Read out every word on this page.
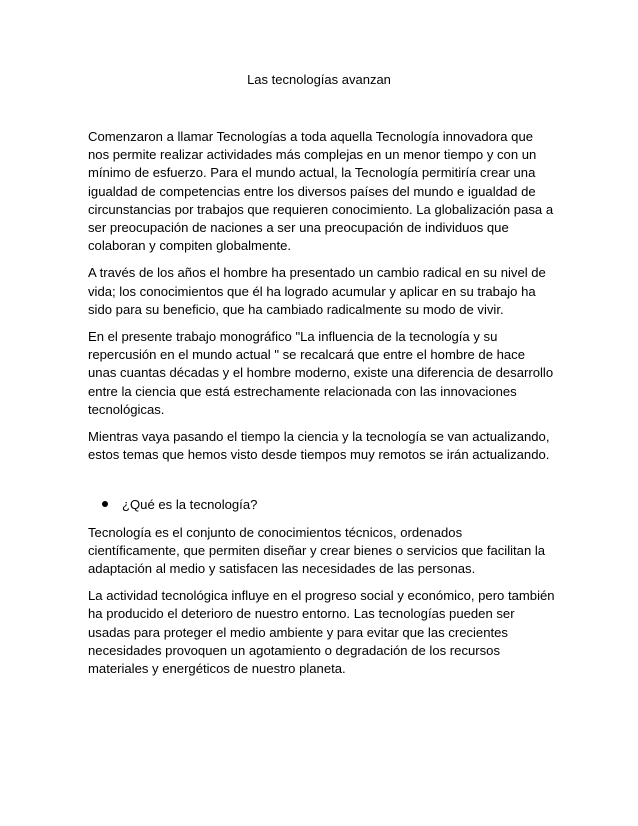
Las tecnologías avanzan

Comenzaron a llamar Tecnologías a toda aquella Tecnología innovadora que nos permite realizar actividades más complejas en un menor tiempo y con un mínimo de esfuerzo. Para el mundo actual, la Tecnología permitiría crear una igualdad de competencias entre los diversos países del mundo e igualdad de circunstancias por trabajos que requieren conocimiento. La globalización pasa a ser preocupación de naciones a ser una preocupación de individuos que colaboran y compiten globalmente.

A través de los años el hombre ha presentado un cambio radical en su nivel de vida; los conocimientos que él ha logrado acumular y aplicar en su trabajo ha sido para su beneficio, que ha cambiado radicalmente su modo de vivir.

En el presente trabajo monográfico "La influencia de la tecnología y su repercusión en el mundo actual " se recalcará que entre el hombre de hace unas cuantas décadas y el hombre moderno, existe una diferencia de desarrollo entre la ciencia que está estrechamente relacionada con las innovaciones tecnológicas.

Mientras vaya pasando el tiempo la ciencia y la tecnología se van actualizando, estos temas que hemos visto desde tiempos muy remotos se irán actualizando.

¿Qué es la tecnología?

Tecnología es el conjunto de conocimientos técnicos, ordenados científicamente, que permiten diseñar y crear bienes o servicios que facilitan la adaptación al medio y satisfacen las necesidades de las personas.

La actividad tecnológica influye en el progreso social y económico, pero también ha producido el deterioro de nuestro entorno. Las tecnologías pueden ser usadas para proteger el medio ambiente y para evitar que las crecientes necesidades provoquen un agotamiento o degradación de los recursos materiales y energéticos de nuestro planeta.
